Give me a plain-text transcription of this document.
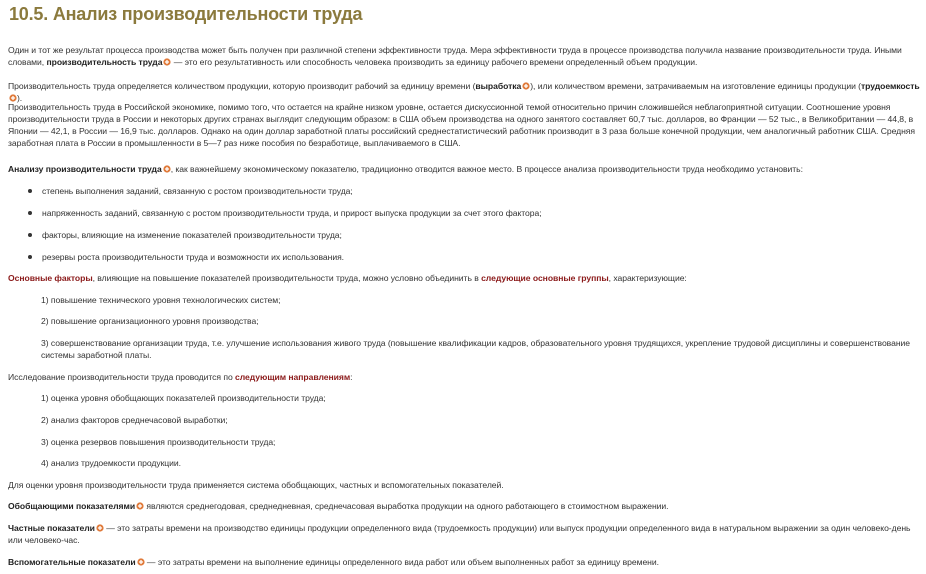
10.5. Анализ производительности труда

Один и тот же результат процесса производства может быть получен при различной степени эффективности труда. Мера эффективности труда в процессе производства получила название производительности труда. Иными словами, производительность труда
— это его результативность или способность человека производить за единицу рабочего времени определенный объем продукции.

Производительность труда определяется количеством продукции, которую производит рабочий за единицу времени (выработка ), или количеством времени, затрачиваемым на изготовление единицы продукции (трудоемкость
).

Производительность труда в Российской экономике, помимо того, что остается на крайне низком уровне, остается дискуссионной темой относительно причин сложившейся неблагоприятной ситуации. Соотношение уровня производительности труда в России и некоторых других странах выглядит следующим образом: в США объем производства на одного занятого составляет 60,7 тыс. долларов, во Франции — 52 тыс., в Великобритании — 44,8, в Японии — 42,1, в России — 16,9 тыс. долларов. Однако на один доллар заработной платы российский среднестатистический работник производит в 3 раза больше конечной продукции, чем аналогичный работник США. Средняя заработная плата в России в промышленности в 5—7 раз ниже пособия по безработице, выплачиваемого в США.

Анализу производительности труда , как важнейшему экономическому показателю, традиционно отводится важное место. В процессе анализа производительности труда необходимо установить:

степень выполнения заданий, связанную с ростом производительности труда;

напряженность заданий, связанную с ростом производительности труда, и прирост выпуска продукции за счет этого фактора;

факторы, влияющие на изменение показателей производительности труда;

резервы роста производительности труда и возможности их использования.

Основные факторы, влияющие на повышение показателей производительности труда, можно условно объединить в следующие основные группы, характеризующие:

1) повышение технического уровня технологических систем;

2) повышение организационного уровня производства;

3) совершенствование организации труда, т.е. улучшение использования живого труда (повышение квалификации кадров, образовательного уровня трудящихся, укрепление трудовой дисциплины и совершенствование системы заработной платы.

Исследование производительности труда проводится по следующим направлениям:

1) оценка уровня обобщающих показателей производительности труда;

2) анализ факторов среднечасовой выработки;

3) оценка резервов повышения производительности труда;

4) анализ трудоемкости продукции.

Для оценки уровня производительности труда применяется система обобщающих, частных и вспомогательных показателей.

Обобщающими показателями
являются среднегодовая, среднедневная, среднечасовая выработка продукции на одного работающего в стоимостном выражении.

Частные показатели
— это затраты времени на производство единицы продукции определенного вида (трудоемкость продукции) или выпуск продукции определенного вида в натуральном выражении за один человеко-день или человеко-час.

Вспомогательные показатели
— это затраты времени на выполнение единицы определенного вида работ или объем выполненных работ за единицу времени.
